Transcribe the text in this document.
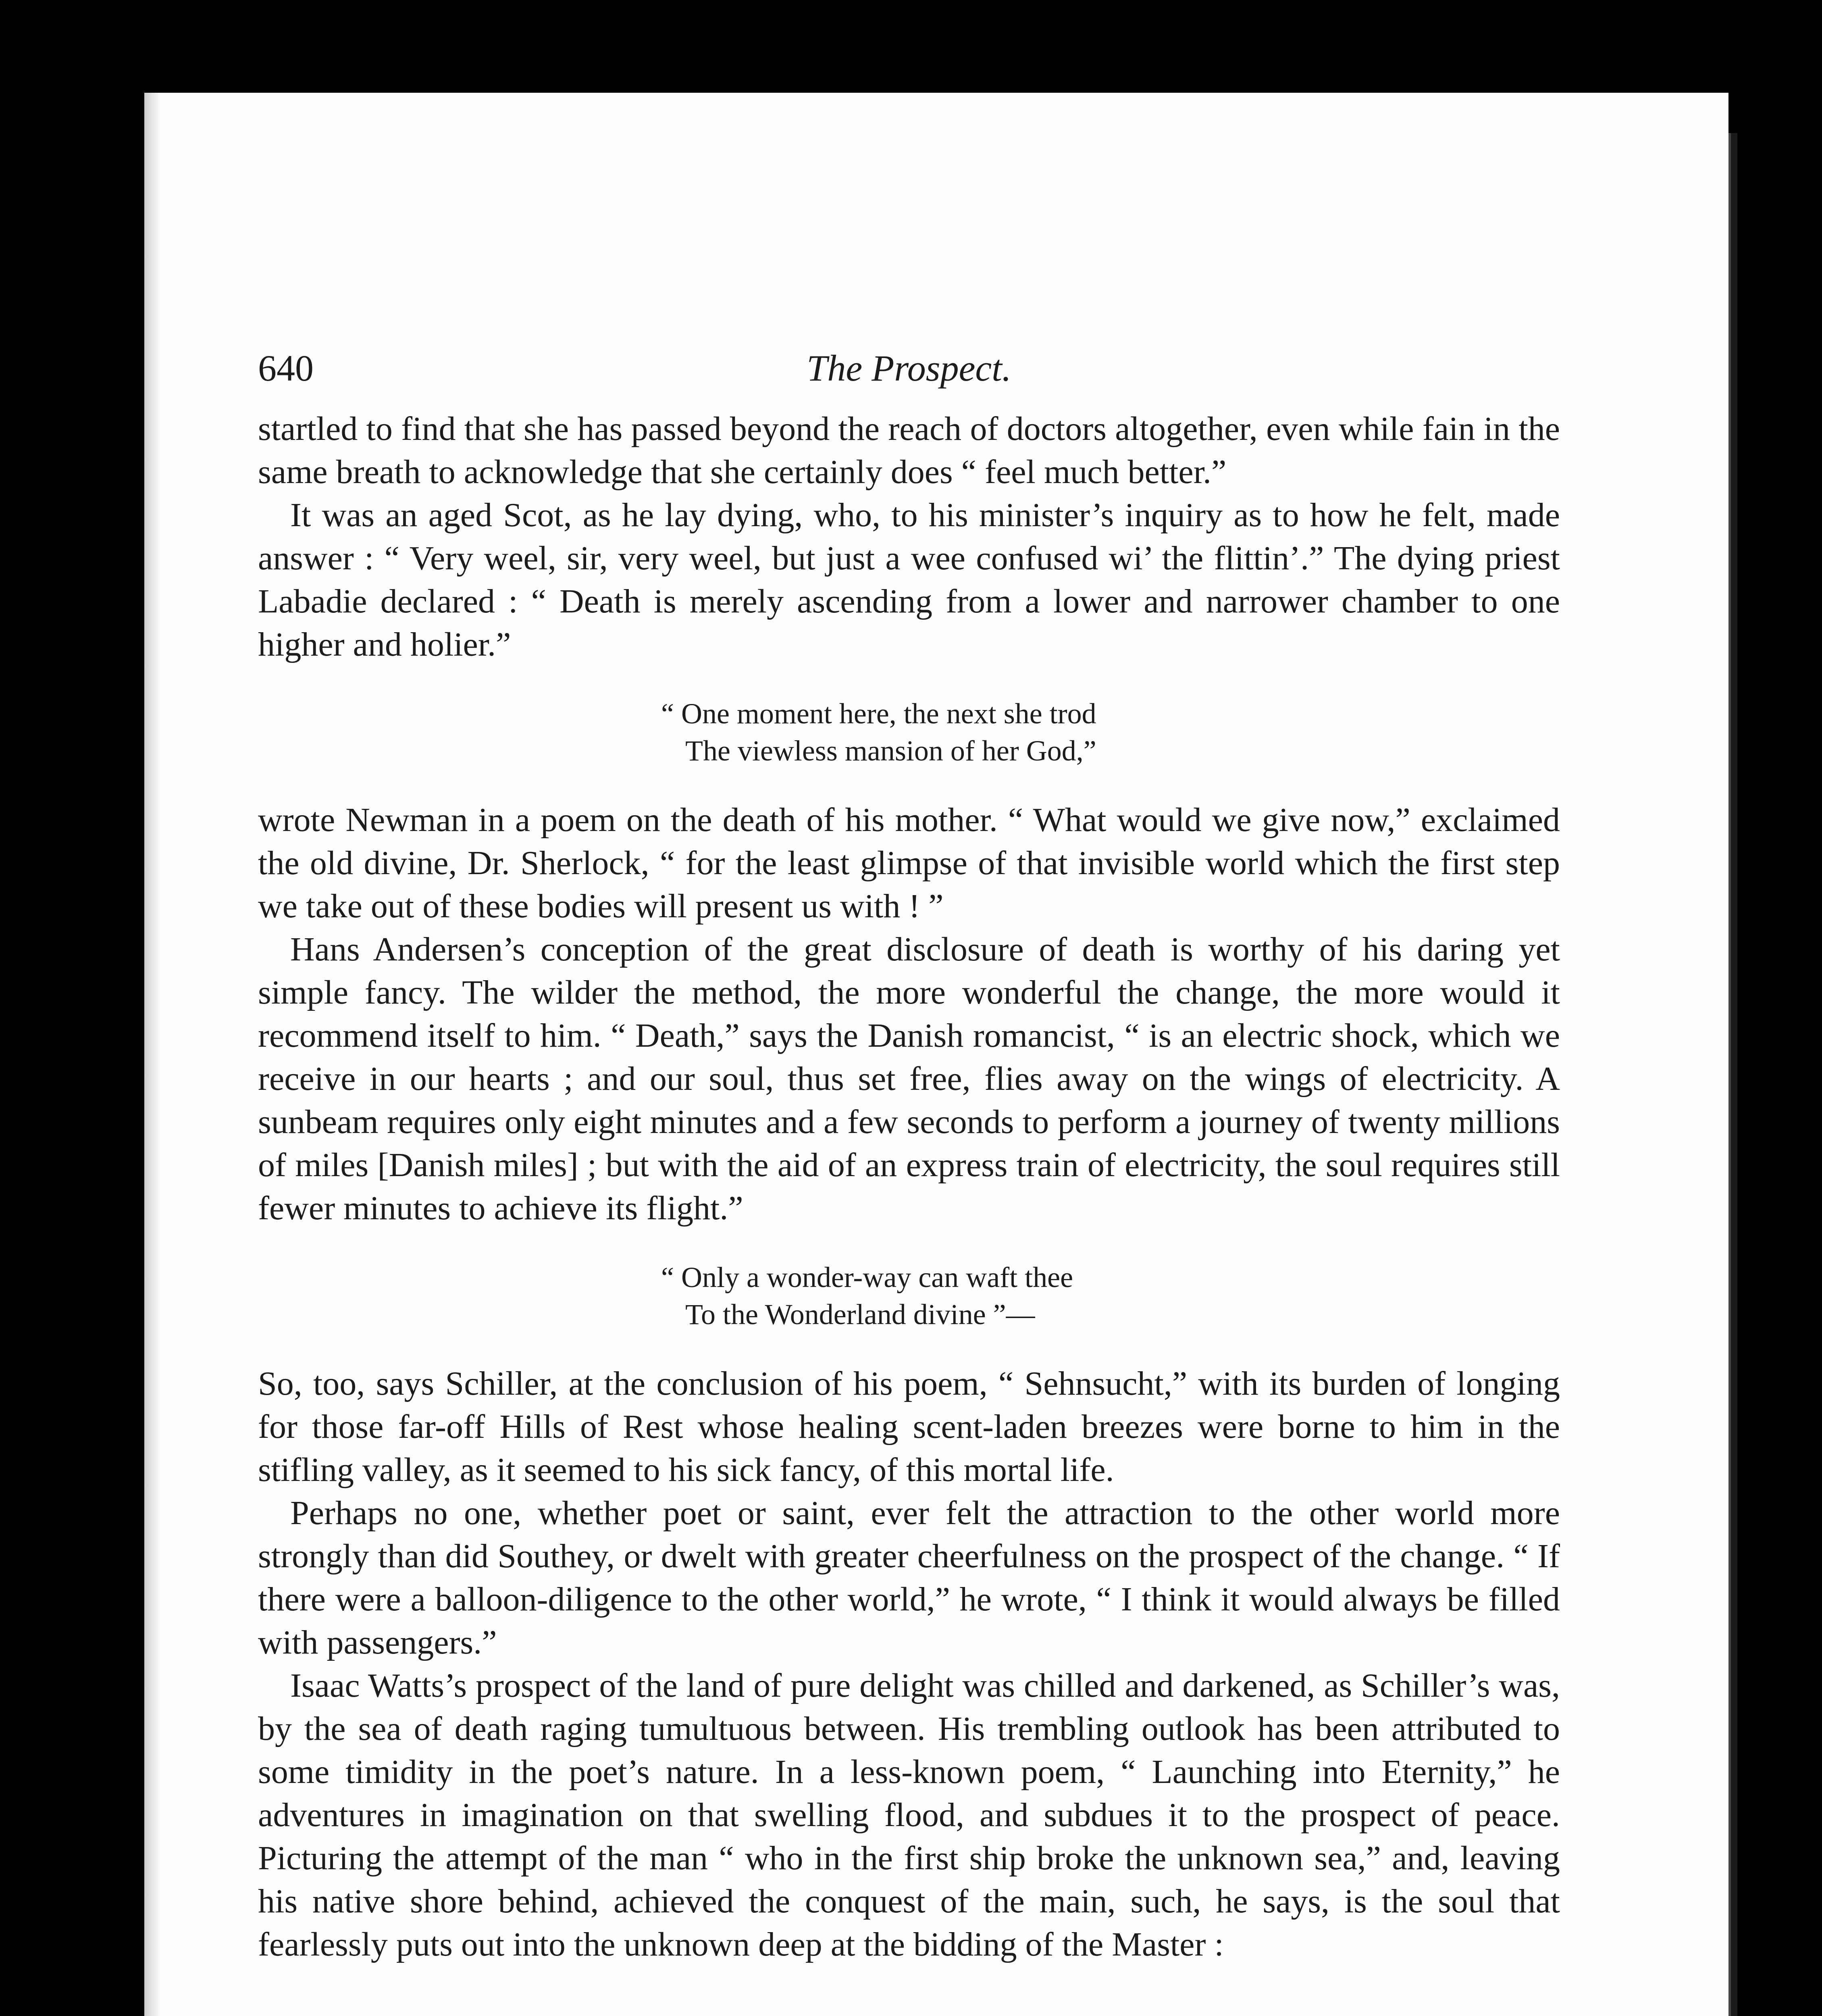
640	The Prospect.

startled to find that she has passed beyond the reach of doctors altogether, even while fain in the same breath to acknowledge that she certainly does “ feel much better.”

It was an aged Scot, as he lay dying, who, to his minister’s inquiry as to how he felt, made answer : “ Very weel, sir, very weel, but just a wee confused wi’ the flittin’.” The dying priest Labadie declared : “ Death is merely ascending from a lower and narrower chamber to one higher and holier.”

“ One moment here, the next she trod
The viewless mansion of her God,”

wrote Newman in a poem on the death of his mother. “ What would we give now,” exclaimed the old divine, Dr. Sherlock, “ for the least glimpse of that invisible world which the first step we take out of these bodies will present us with ! ”

Hans Andersen’s conception of the great disclosure of death is worthy of his daring yet simple fancy. The wilder the method, the more wonderful the change, the more would it recommend itself to him. “ Death,” says the Danish romancist, “ is an electric shock, which we receive in our hearts ; and our soul, thus set free, flies away on the wings of electricity. A sunbeam requires only eight minutes and a few seconds to perform a journey of twenty millions of miles [Danish miles] ; but with the aid of an express train of electricity, the soul requires still fewer minutes to achieve its flight.”

“ Only a wonder-way can waft thee
To the Wonderland divine ”—

So, too, says Schiller, at the conclusion of his poem, “ Sehnsucht,” with its burden of longing for those far-off Hills of Rest whose healing scent-laden breezes were borne to him in the stifling valley, as it seemed to his sick fancy, of this mortal life.

Perhaps no one, whether poet or saint, ever felt the attraction to the other world more strongly than did Southey, or dwelt with greater cheerfulness on the prospect of the change. “ If there were a balloon-diligence to the other world,” he wrote, “ I think it would always be filled with passengers.”

Isaac Watts’s prospect of the land of pure delight was chilled and darkened, as Schiller’s was, by the sea of death raging tumultuous between. His trembling outlook has been attributed to some timidity in the poet’s nature. In a less-known poem, “ Launching into Eternity,” he adventures in imagination on that swelling flood, and subdues it to the prospect of peace. Picturing the attempt of the man “ who in the first ship broke the unknown sea,” and, leaving his native shore behind, achieved the conquest of the main, such, he says, is the soul that fearlessly puts out into the unknown deep at the bidding of the Master :
